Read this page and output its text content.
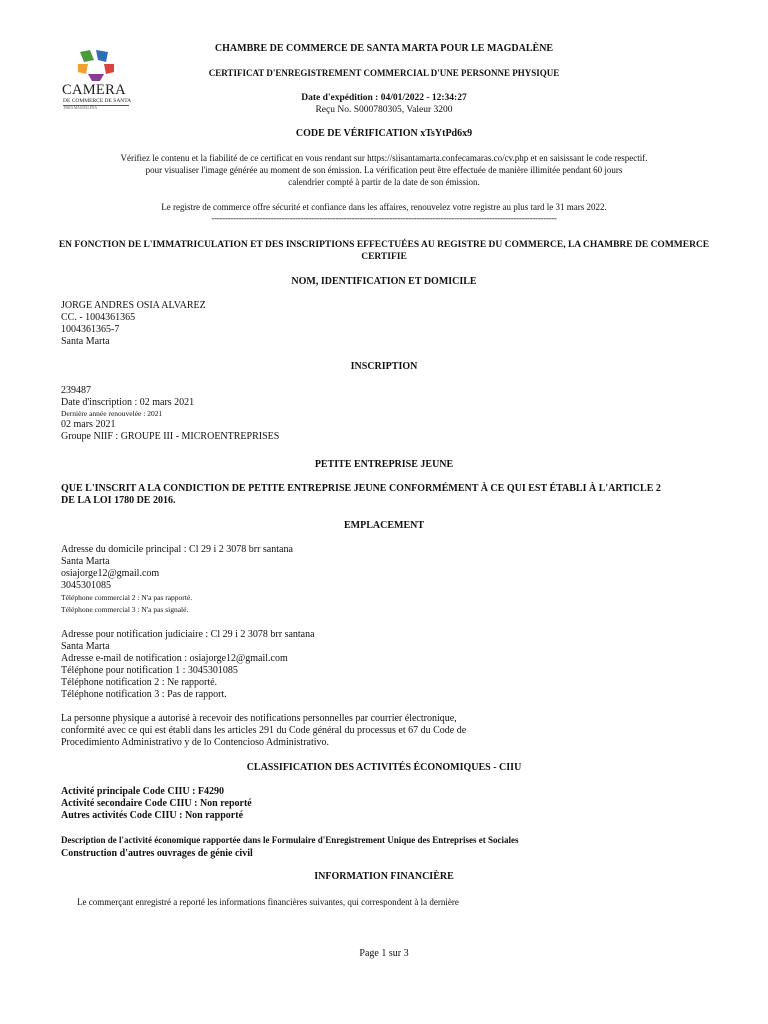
CAMERA
DE COMMERCE DE SANTA
PARA MAGDALENA
CHAMBRE DE COMMERCE DE SANTA MARTA POUR LE MAGDALÈNE
CERTIFICAT D'ENREGISTREMENT COMMERCIAL D'UNE PERSONNE PHYSIQUE
Date d'expédition : 04/01/2022 - 12:34:27
Reçu No. S000780305, Valeur 3200
CODE DE VÉRIFICATION xTsYtPd6x9
Vérifiez le contenu et la fiabilité de ce certificat en vous rendant sur https://siisantamarta.confecamaras.co/cv.php et en saisissant le code respectif.
pour visualiser l'image générée au moment de son émission. La vérification peut être effectuée de manière illimitée pendant 60 jours
calendrier compté à partir de la date de son émission.
Le registre de commerce offre sécurité et confiance dans les affaires, renouvelez votre registre au plus tard le 31 mars 2022.
--------------------------------------------------------------------------------------------------------------------------------
EN FONCTION DE L'IMMATRICULATION ET DES INSCRIPTIONS EFFECTUÉES AU REGISTRE DU COMMERCE, LA CHAMBRE DE COMMERCE
CERTIFIE
NOM, IDENTIFICATION ET DOMICILE
JORGE ANDRES OSIA ALVAREZ
CC. - 1004361365
1004361365-7
Santa Marta
INSCRIPTION
239487
Date d'inscription : 02 mars 2021
Dernière année renouvelée : 2021
02 mars 2021
Groupe NIIF : GROUPE III - MICROENTREPRISES
PETITE ENTREPRISE JEUNE
QUE L'INSCRIT A LA CONDICTION DE PETITE ENTREPRISE JEUNE CONFORMÉMENT À CE QUI EST ÉTABLI À L'ARTICLE 2
DE LA LOI 1780 DE 2016.
EMPLACEMENT
Adresse du domicile principal : Cl 29 i 2 3078 brr santana
Santa Marta
osiajorge12@gmail.com
3045301085
Téléphone commercial 2 : N'a pas rapporté.
Téléphone commercial 3 : N'a pas signalé.
Adresse pour notification judiciaire : Cl 29 i 2 3078 brr santana
Santa Marta
Adresse e-mail de notification : osiajorge12@gmail.com
Téléphone pour notification 1 : 3045301085
Téléphone notification 2 : Ne rapporté.
Téléphone notification 3 : Pas de rapport.
La personne physique a autorisé à recevoir des notifications personnelles par courrier électronique,
conformité avec ce qui est établi dans les articles 291 du Code général du processus et 67 du Code de
Procedimiento Administrativo y de lo Contencioso Administrativo.
CLASSIFICATION DES ACTIVITÉS ÉCONOMIQUES - CIIU
Activité principale Code CIIU : F4290
Activité secondaire Code CIIU : Non reporté
Autres activités Code CIIU : Non rapporté
Description de l'activité économique rapportée dans le Formulaire d'Enregistrement Unique des Entreprises et Sociales
Construction d'autres ouvrages de génie civil
INFORMATION FINANCIÈRE
Le commerçant enregistré a reporté les informations financières suivantes, qui correspondent à la dernière
Page 1 sur 3
